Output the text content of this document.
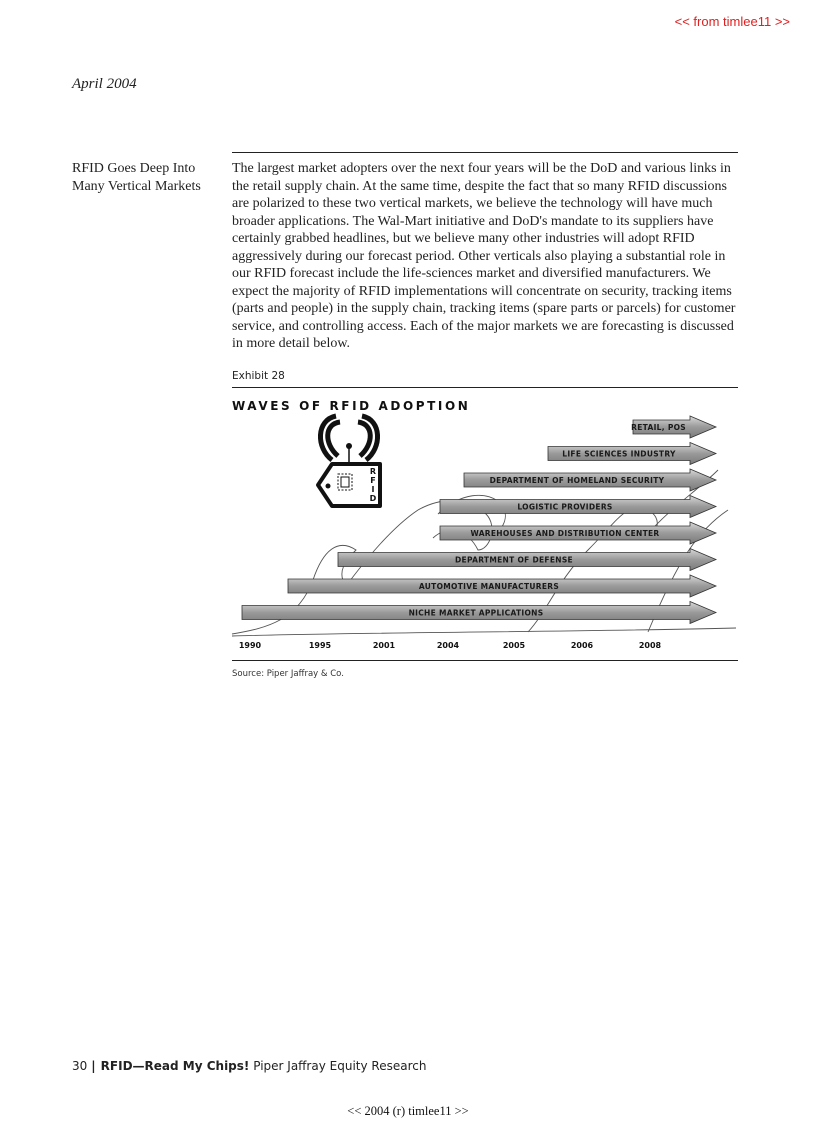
<< from timlee11 >>
April 2004
RFID Goes Deep Into
Many Vertical Markets
The largest market adopters over the next four years will be the DoD and various links in the retail supply chain. At the same time, despite the fact that so many RFID discussions are polarized to these two vertical markets, we believe the technology will have much broader applications. The Wal-Mart initiative and DoD's mandate to its suppliers have certainly grabbed headlines, but we believe many other industries will adopt RFID aggressively during our forecast period. Other verticals also playing a substantial role in our RFID forecast include the life-sciences market and diversified manufacturers. We expect the majority of RFID implementations will concentrate on security, tracking items (parts and people) in the supply chain, tracking items (spare parts or parcels) for customer service, and controlling access. Each of the major markets we are forecasting is discussed in more detail below.
Exhibit 28
WAVES OF RFID ADOPTION
R
F
I
D
RETAIL, POS
LIFE SCIENCES INDUSTRY
DEPARTMENT OF HOMELAND SECURITY
LOGISTIC PROVIDERS
WAREHOUSES AND DISTRIBUTION CENTER
DEPARTMENT OF DEFENSE
AUTOMOTIVE MANUFACTURERS
NICHE MARKET APPLICATIONS
1990	1995	2001	2004	2005	2006	2008
Source: Piper Jaffray & Co.
30 | RFID—Read My Chips! Piper Jaffray Equity Research
<< 2004 (r) timlee11 >>
